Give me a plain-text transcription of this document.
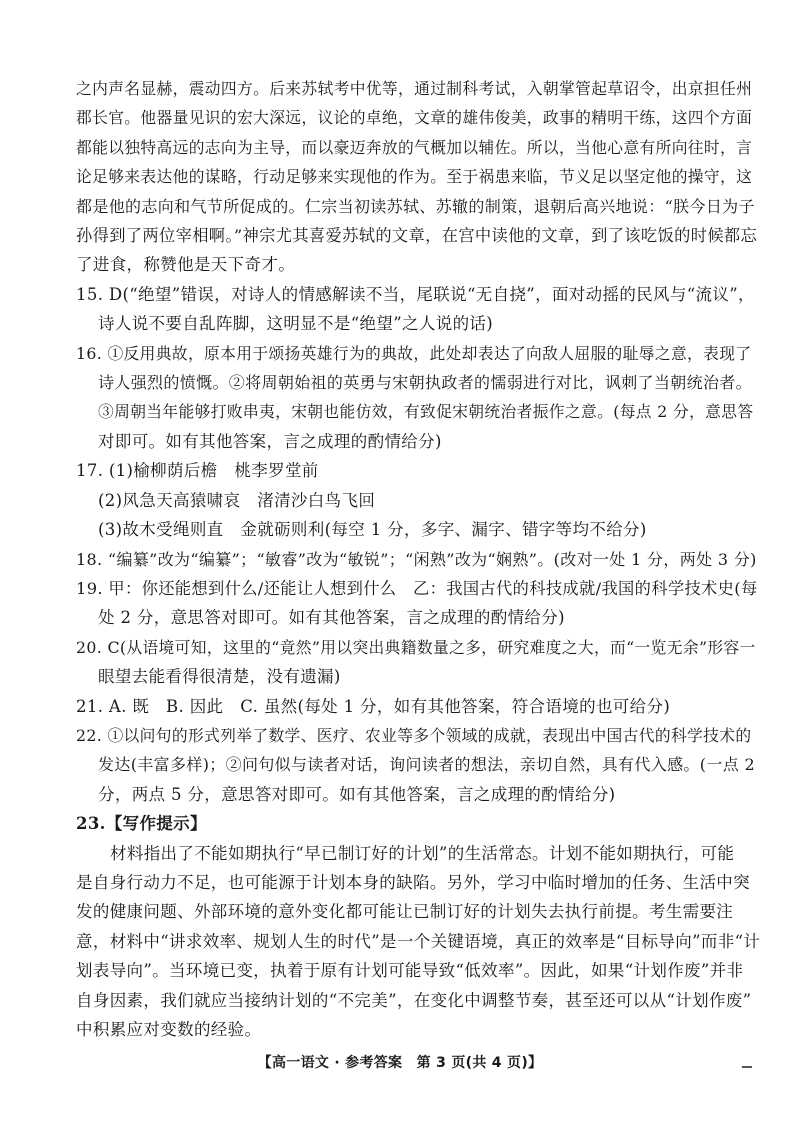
之内声名显赫，震动四方。后来苏轼考中优等，通过制科考试，入朝掌管起草诏令，出京担任州
郡长官。他器量见识的宏大深远，议论的卓绝，文章的雄伟俊美，政事的精明干练，这四个方面
都能以独特高远的志向为主导，而以豪迈奔放的气概加以辅佐。所以，当他心意有所向往时，言
论足够来表达他的谋略，行动足够来实现他的作为。至于祸患来临，节义足以坚定他的操守，这
都是他的志向和气节所促成的。仁宗当初读苏轼、苏辙的制策，退朝后高兴地说：“朕今日为子
孙得到了两位宰相啊。”神宗尤其喜爱苏轼的文章，在宫中读他的文章，到了该吃饭的时候都忘
了进食，称赞他是天下奇才。
15. D(“绝望”错误，对诗人的情感解读不当，尾联说“无自挠”，面对动摇的民风与“流议”，
诗人说不要自乱阵脚，这明显不是“绝望”之人说的话)
16. ①反用典故，原本用于颂扬英雄行为的典故，此处却表达了向敌人屈服的耻辱之意，表现了
诗人强烈的愤慨。②将周朝始祖的英勇与宋朝执政者的懦弱进行对比，讽刺了当朝统治者。
③周朝当年能够打败串夷，宋朝也能仿效，有致促宋朝统治者振作之意。(每点 2 分，意思答
对即可。如有其他答案，言之成理的酌情给分)
17. (1)榆柳荫后檐　桃李罗堂前
(2)风急天高猿啸哀　渚清沙白鸟飞回
(3)故木受绳则直　金就砺则利(每空 1 分，多字、漏字、错字等均不给分)
18. “编纂”改为“编纂”；“敏睿”改为“敏锐”；“闲熟”改为“娴熟”。(改对一处 1 分，两处 3 分)
19. 甲：你还能想到什么/还能让人想到什么　乙：我国古代的科技成就/我国的科学技术史(每
处 2 分，意思答对即可。如有其他答案，言之成理的酌情给分)
20. C(从语境可知，这里的“竟然”用以突出典籍数量之多，研究难度之大，而“一览无余”形容一
眼望去能看得很清楚，没有遗漏)
21. A. 既　B. 因此　C. 虽然(每处 1 分，如有其他答案，符合语境的也可给分)
22. ①以问句的形式列举了数学、医疗、农业等多个领域的成就，表现出中国古代的科学技术的
发达(丰富多样)；②问句似与读者对话，询问读者的想法，亲切自然，具有代入感。(一点 2
分，两点 5 分，意思答对即可。如有其他答案，言之成理的酌情给分)
23.【写作提示】
材料指出了不能如期执行“早已制订好的计划”的生活常态。计划不能如期执行，可能
是自身行动力不足，也可能源于计划本身的缺陷。另外，学习中临时增加的任务、生活中突
发的健康问题、外部环境的意外变化都可能让已制订好的计划失去执行前提。考生需要注
意，材料中“讲求效率、规划人生的时代”是一个关键语境，真正的效率是“目标导向”而非“计
划表导向”。当环境已变，执着于原有计划可能导致“低效率”。因此，如果“计划作废”并非
自身因素，我们就应当接纳计划的“不完美”，在变化中调整节奏，甚至还可以从“计划作废”
中积累应对变数的经验。
【高一语文 · 参考答案　第 3 页(共 4 页)】
